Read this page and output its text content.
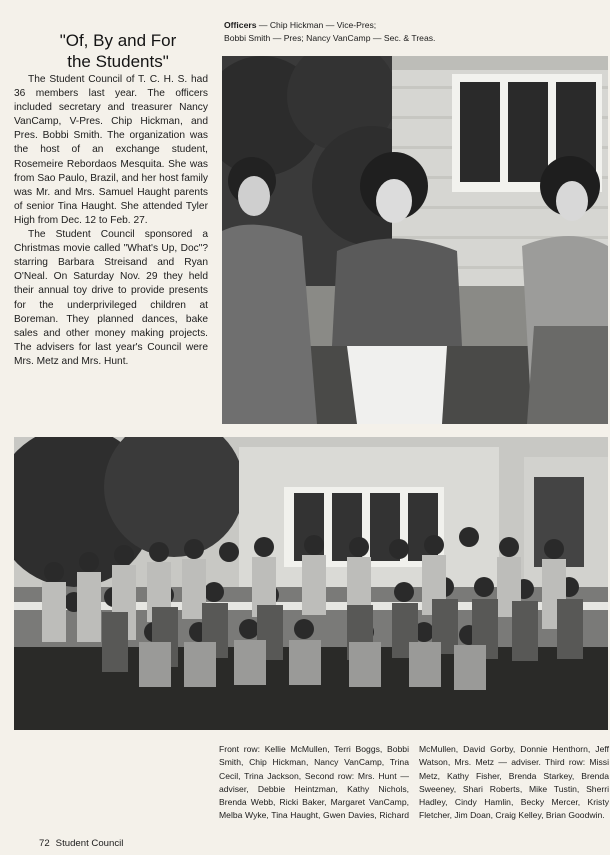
"Of, By and For
the Students"

The Student Council of T. C. H. S. had 36 members last year. The officers included secretary and treasurer Nancy VanCamp, V-Pres. Chip Hickman, and Pres. Bobbi Smith. The organization was the host of an exchange student, Rosemeire Rebordaos Mesquita. She was from Sao Paulo, Brazil, and her host family was Mr. and Mrs. Samuel Haught parents of senior Tina Haught. She attended Tyler High from Dec. 12 to Feb. 27.

The Student Council sponsored a Christmas movie called "What's Up, Doc"? starring Barbara Streisand and Ryan O'Neal. On Saturday Nov. 29 they held their annual toy drive to provide presents for the underprivileged children at Boreman. They planned dances, bake sales and other money making projects. The advisers for last year's Council were Mrs. Metz and Mrs. Hunt.

Officers — Chip Hickman — Vice-Pres;
Bobbi Smith — Pres; Nancy VanCamp — Sec. & Treas.
Front row: Kellie McMullen, Terri Boggs, Bobbi Smith, Chip Hickman, Nancy VanCamp, Trina Cecil, Trina Jackson, Second row: Mrs. Hunt — adviser, Debbie Heintzman, Kathy Nichols, Brenda Webb, Ricki Baker, Margaret VanCamp, Melba Wyke, Tina Haught, Gwen Davies, Richard McMullen, David Gorby, Donnie Henthorn, Jeff Watson, Mrs. Metz — adviser. Third row: Missi Metz, Kathy Fisher, Brenda Starkey, Brenda Sweeney, Shari Roberts, Mike Tustin, Sherri Hadley, Cindy Hamlin, Becky Mercer, Kristy Fletcher, Jim Doan, Craig Kelley, Brian Goodwin.
72 Student Council
